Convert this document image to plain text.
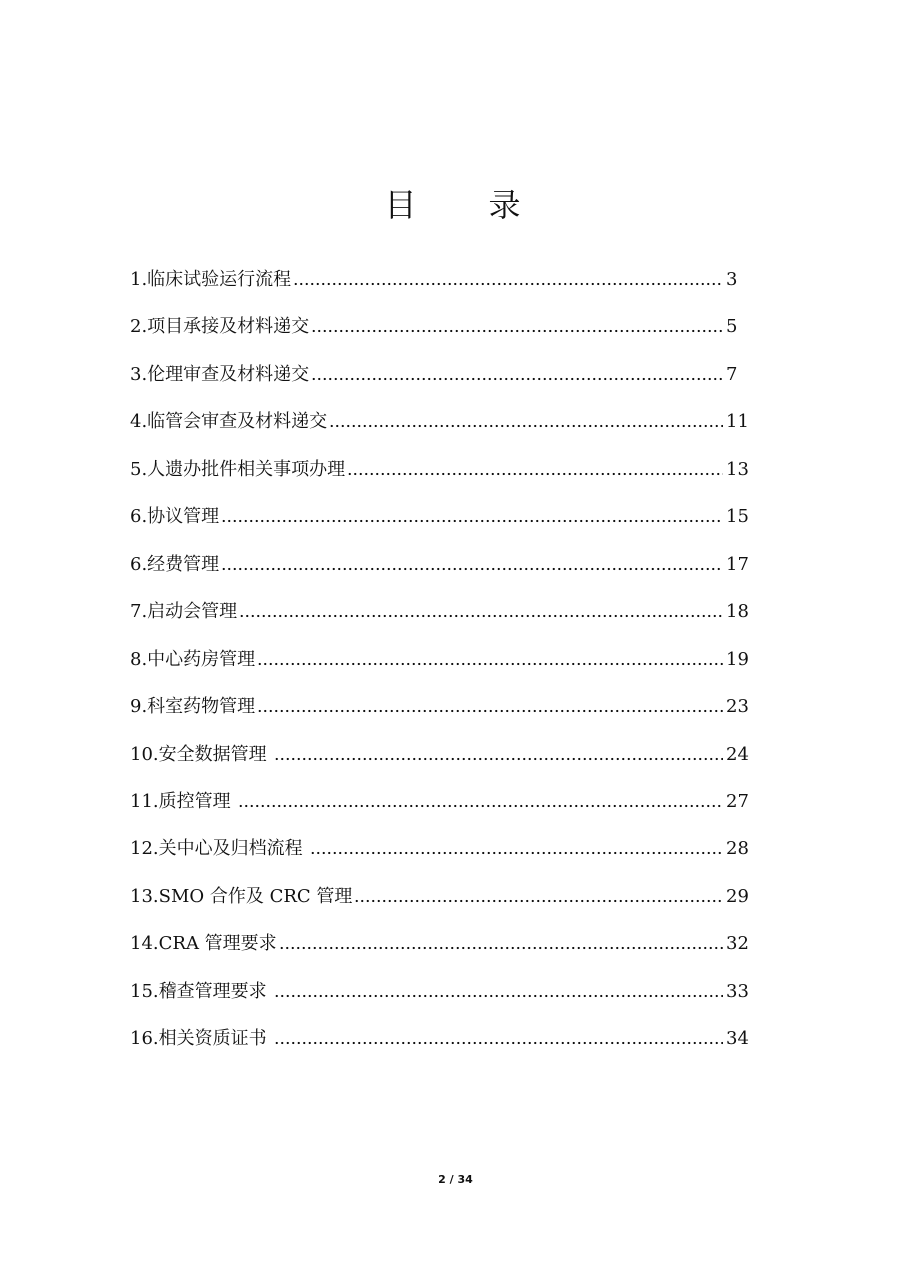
目　录
1.临床试验运行流程	3
2.项目承接及材料递交	5
3.伦理审查及材料递交	7
4.临管会审查及材料递交	11
5.人遗办批件相关事项办理	13
6.协议管理	15
6.经费管理	17
7.启动会管理	18
8.中心药房管理	19
9.科室药物管理	23
10.安全数据管理	24
11.质控管理	27
12.关中心及归档流程	28
13.SMO 合作及 CRC 管理	29
14.CRA 管理要求	32
15.稽查管理要求	33
16.相关资质证书	34
2 / 34
